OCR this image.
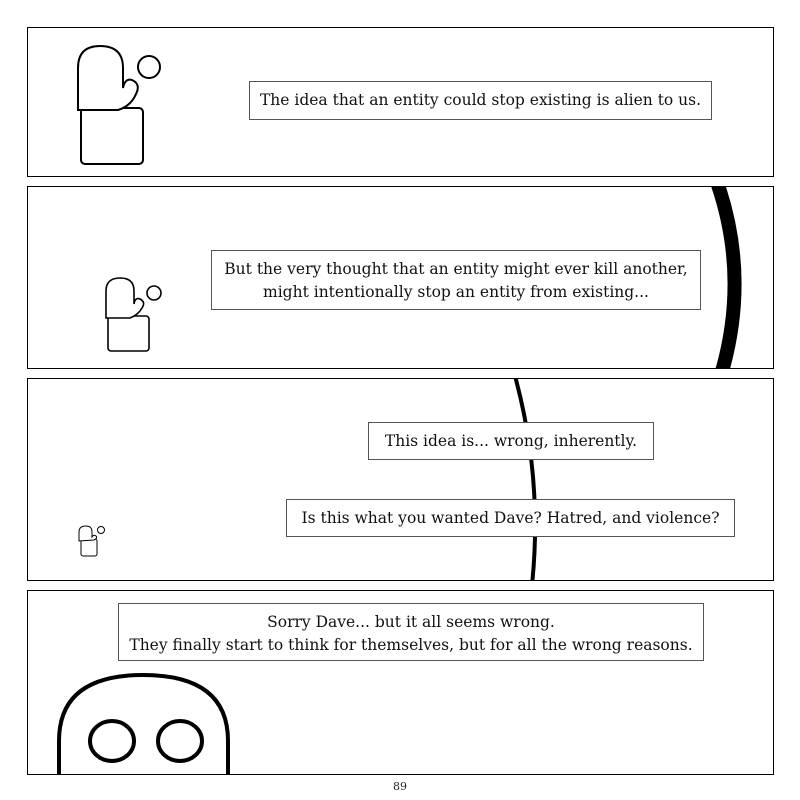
The idea that an entity could stop existing is alien to us.
But the very thought that an entity might ever kill another,
might intentionally stop an entity from existing...
This idea is... wrong, inherently.
Is this what you wanted Dave? Hatred, and violence?
Sorry Dave... but it all seems wrong.
They finally start to think for themselves, but for all the wrong reasons.
89
